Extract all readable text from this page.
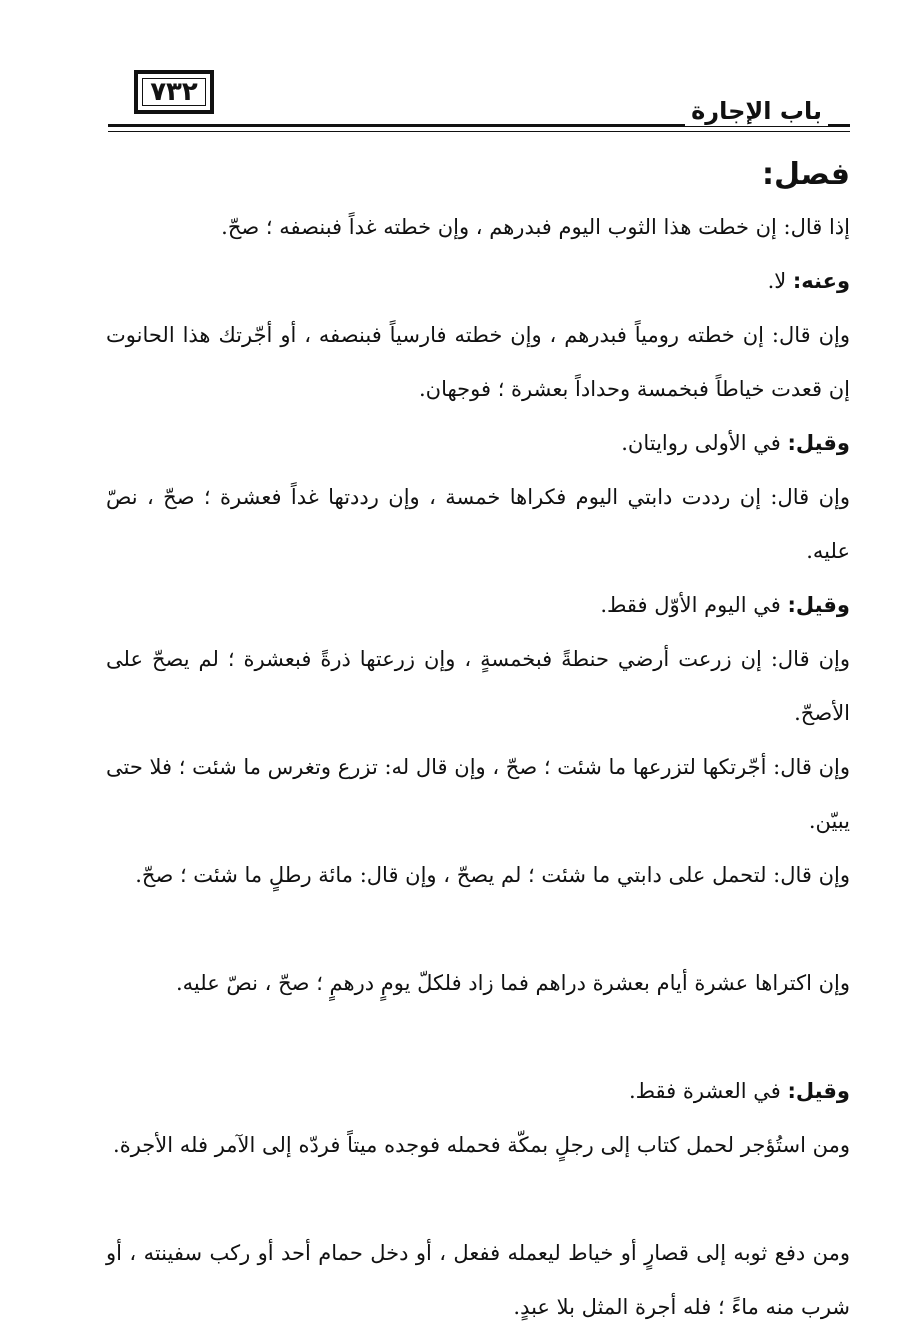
٧٣٢
باب الإجارة
فصل:

إذا قال: إن خطت هذا الثوب اليوم فبدرهم ، وإن خطته غداً فبنصفه ؛ صحّ.

وعنه: لا.

وإن قال: إن خطته رومياً فبدرهم ، وإن خطته فارسياً فبنصفه ، أو أجّرتك هذا الحانوت إن قعدت خياطاً فبخمسة وحداداً بعشرة ؛ فوجهان.

وقيل: في الأولى روايتان.

وإن قال: إن رددت دابتي اليوم فكراها خمسة ، وإن رددتها غداً فعشرة ؛ صحّ ، نصّ عليه.

وقيل: في اليوم الأوّل فقط.

وإن قال: إن زرعت أرضي حنطةً فبخمسةٍ ، وإن زرعتها ذرةً فبعشرة ؛ لم يصحّ على الأصحّ.

وإن قال: أجّرتكها لتزرعها ما شئت ؛ صحّ ، وإن قال له: تزرع وتغرس ما شئت ؛ فلا حتى يبيّن.

وإن قال: لتحمل على دابتي ما شئت ؛ لم يصحّ ، وإن قال: مائة رطلٍ ما شئت ؛ صحّ.

وإن اكتراها عشرة أيام بعشرة دراهم فما زاد فلكلّ يومٍ درهمٍ ؛ صحّ ، نصّ عليه.

وقيل: في العشرة فقط.

ومن استُؤجر لحمل كتاب إلى رجلٍ بمكّة فحمله فوجده ميتاً فردّه إلى الآمر فله الأجرة.

ومن دفع ثوبه إلى قصارٍ أو خياط ليعمله ففعل ، أو دخل حمام أحد أو ركب سفينته ، أو شرب منه ماءً ؛ فله أجرة المثل بلا عبدٍ.
